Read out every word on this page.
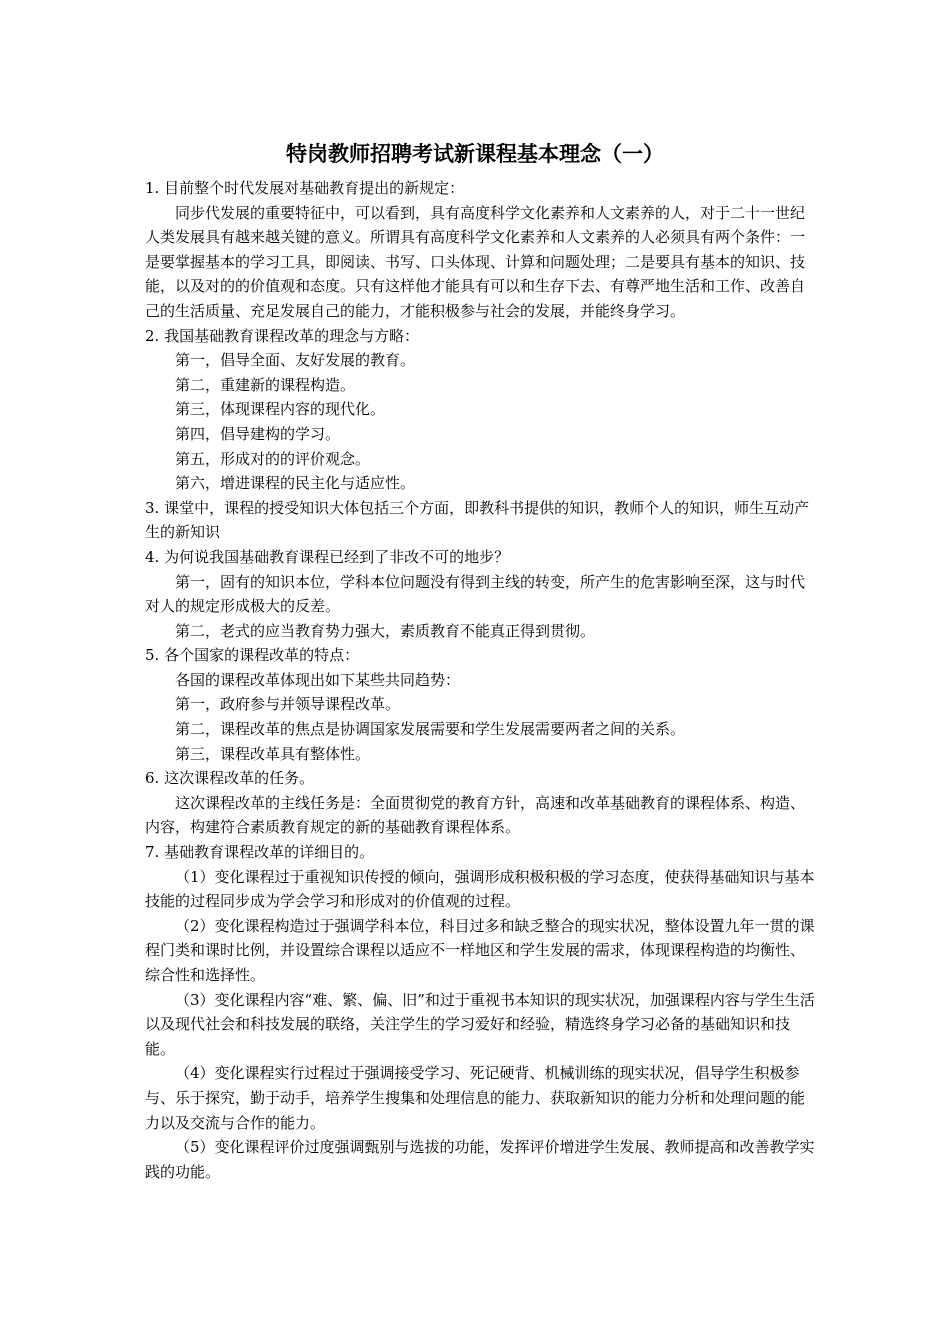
特岗教师招聘考试新课程基本理念（一）

1. 目前整个时代发展对基础教育提出的新规定：

同步代发展的重要特征中，可以看到，具有高度科学文化素养和人文素养的人，对于二十一世纪人类发展具有越来越关键的意义。所谓具有高度科学文化素养和人文素养的人必须具有两个条件：一是要掌握基本的学习工具，即阅读、书写、口头体现、计算和问题处理；二是要具有基本的知识、技能，以及对的的价值观和态度。只有这样他才能具有可以和生存下去、有尊严地生活和工作、改善自己的生活质量、充足发展自己的能力，才能积极参与社会的发展，并能终身学习。

2. 我国基础教育课程改革的理念与方略：

第一，倡导全面、友好发展的教育。

第二，重建新的课程构造。

第三，体现课程内容的现代化。

第四，倡导建构的学习。

第五，形成对的的评价观念。

第六，增进课程的民主化与适应性。

3. 课堂中，课程的授受知识大体包括三个方面，即教科书提供的知识，教师个人的知识，师生互动产生的新知识

4. 为何说我国基础教育课程已经到了非改不可的地步？

第一，固有的知识本位，学科本位问题没有得到主线的转变，所产生的危害影响至深，这与时代对人的规定形成极大的反差。

第二，老式的应当教育势力强大，素质教育不能真正得到贯彻。

5. 各个国家的课程改革的特点：

各国的课程改革体现出如下某些共同趋势：

第一，政府参与并领导课程改革。

第二，课程改革的焦点是协调国家发展需要和学生发展需要两者之间的关系。

第三，课程改革具有整体性。

6. 这次课程改革的任务。

这次课程改革的主线任务是：全面贯彻党的教育方针，高速和改革基础教育的课程体系、构造、内容，构建符合素质教育规定的新的基础教育课程体系。

7. 基础教育课程改革的详细目的。

（1）变化课程过于重视知识传授的倾向，强调形成积极积极的学习态度，使获得基础知识与基本技能的过程同步成为学会学习和形成对的价值观的过程。

（2）变化课程构造过于强调学科本位，科目过多和缺乏整合的现实状况，整体设置九年一贯的课程门类和课时比例，并设置综合课程以适应不一样地区和学生发展的需求，体现课程构造的均衡性、综合性和选择性。

（3）变化课程内容“难、繁、偏、旧”和过于重视书本知识的现实状况，加强课程内容与学生生活以及现代社会和科技发展的联络，关注学生的学习爱好和经验，精选终身学习必备的基础知识和技能。

（4）变化课程实行过程过于强调接受学习、死记硬背、机械训练的现实状况，倡导学生积极参与、乐于探究，勤于动手，培养学生搜集和处理信息的能力、获取新知识的能力分析和处理问题的能力以及交流与合作的能力。

（5）变化课程评价过度强调甄别与选拔的功能，发挥评价增进学生发展、教师提高和改善教学实践的功能。
